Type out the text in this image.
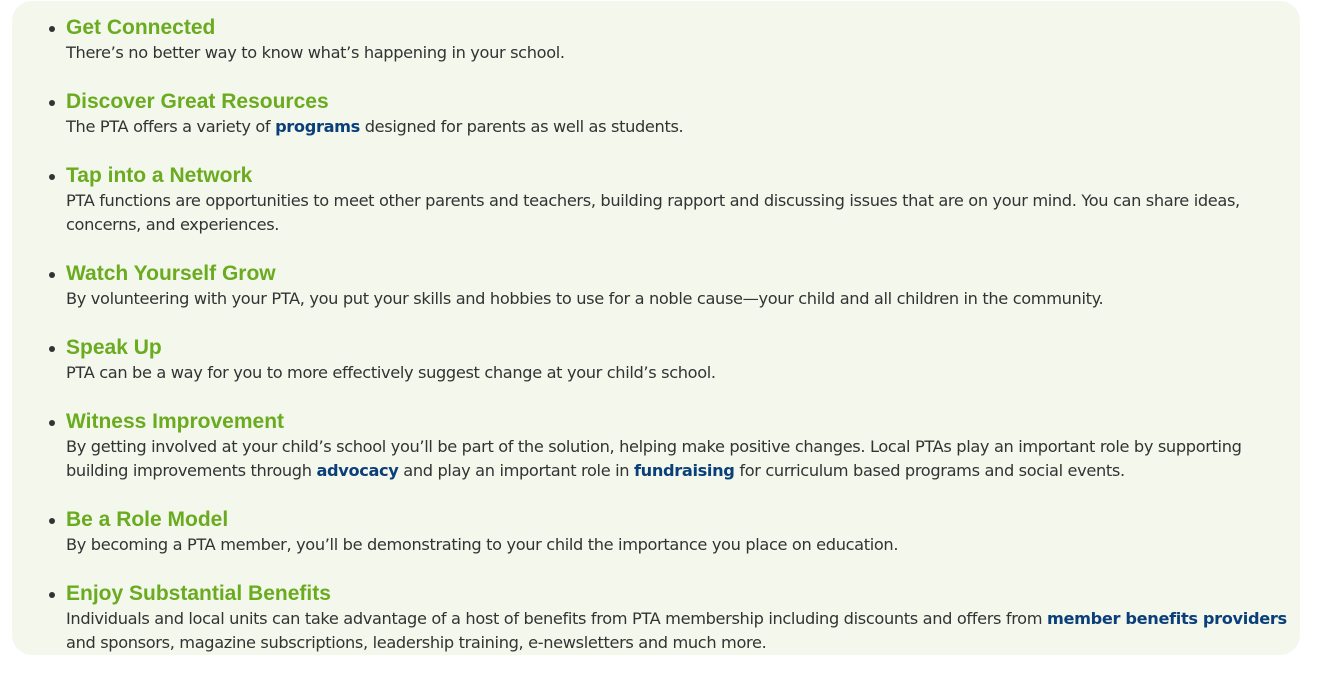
Get Connected
There’s no better way to know what’s happening in your school.
Discover Great Resources
The PTA offers a variety of programs designed for parents as well as students.
Tap into a Network
PTA functions are opportunities to meet other parents and teachers, building rapport and discussing issues that are on your mind. You can share ideas, concerns, and experiences.
Watch Yourself Grow
By volunteering with your PTA, you put your skills and hobbies to use for a noble cause—your child and all children in the community.
Speak Up
PTA can be a way for you to more effectively suggest change at your child’s school.
Witness Improvement
By getting involved at your child’s school you’ll be part of the solution, helping make positive changes. Local PTAs play an important role by supporting building improvements through advocacy and play an important role in fundraising for curriculum based programs and social events.
Be a Role Model
By becoming a PTA member, you’ll be demonstrating to your child the importance you place on education.
Enjoy Substantial Benefits
Individuals and local units can take advantage of a host of benefits from PTA membership including discounts and offers from member benefits providers and sponsors, magazine subscriptions, leadership training, e-newsletters and much more.
